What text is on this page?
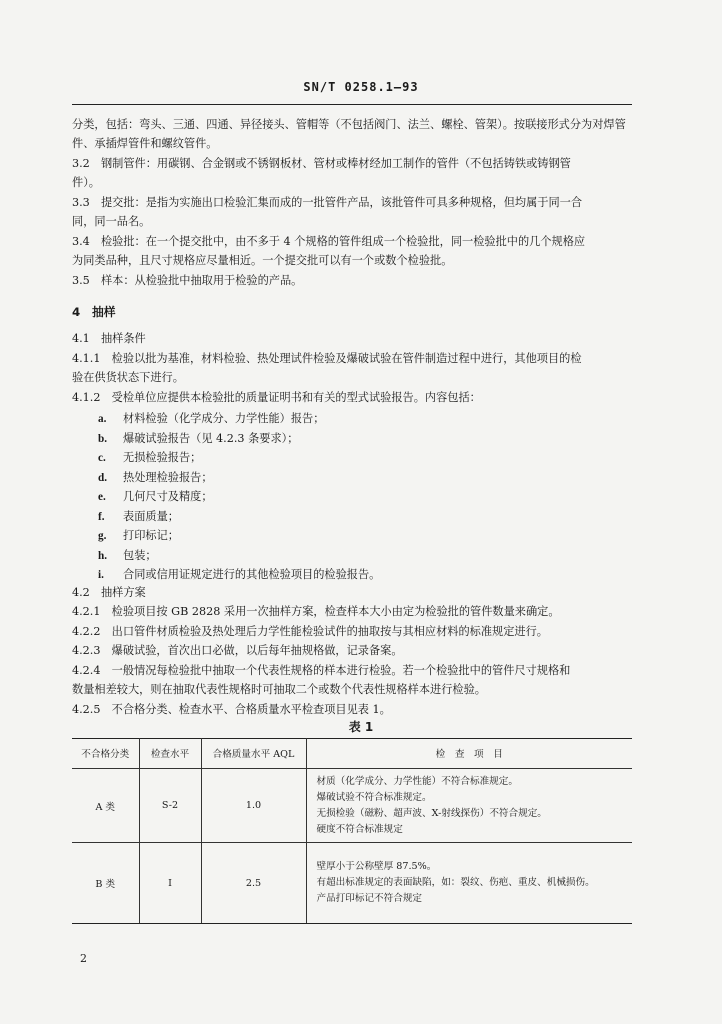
SN/T 0258.1—93
分类，包括：弯头、三通、四通、异径接头、管帽等（不包括阀门、法兰、螺栓、管架）。按联接形式分为对焊管
件、承插焊管件和螺纹管件。
3.2　钢制管件：用碳钢、合金钢或不锈钢板材、管材或棒材经加工制作的管件（不包括铸铁或铸钢管
件）。
3.3　提交批：是指为实施出口检验汇集而成的一批管件产品，该批管件可具多种规格，但均属于同一合
同，同一品名。
3.4　检验批：在一个提交批中，由不多于 4 个规格的管件组成一个检验批，同一检验批中的几个规格应
为同类品种，且尺寸规格应尽量相近。一个提交批可以有一个或数个检验批。
3.5　样本：从检验批中抽取用于检验的产品。
4　抽样
4.1　抽样条件
4.1.1　检验以批为基准，材料检验、热处理试件检验及爆破试验在管件制造过程中进行，其他项目的检
验在供货状态下进行。
4.1.2　受检单位应提供本检验批的质量证明书和有关的型式试验报告。内容包括：
a. 材料检验（化学成分、力学性能）报告；
b. 爆破试验报告（见 4.2.3 条要求）；
c. 无损检验报告；
d. 热处理检验报告；
e. 几何尺寸及精度；
f. 表面质量；
g. 打印标记；
h. 包装；
i. 合同或信用证规定进行的其他检验项目的检验报告。
4.2　抽样方案
4.2.1　检验项目按 GB 2828 采用一次抽样方案，检查样本大小由定为检验批的管件数量来确定。
4.2.2　出口管件材质检验及热处理后力学性能检验试件的抽取按与其相应材料的标准规定进行。
4.2.3　爆破试验，首次出口必做，以后每年抽规格做，记录备案。
4.2.4　一般情况每检验批中抽取一个代表性规格的样本进行检验。若一个检验批中的管件尺寸规格和
数量相差较大，则在抽取代表性规格时可抽取二个或数个代表性规格样本进行检验。
4.2.5　不合格分类、检查水平、合格质量水平检查项目见表 1。
表 1
不合格分类	检查水平	合格质量水平 AQL	检　查　项　目
A 类	S-2	1.0	材质（化学成分、力学性能）不符合标准规定。
爆破试验不符合标准规定。
无损检验（磁粉、超声波、X-射线探伤）不符合规定。
硬度不符合标准规定

B 类	I	2.5	壁厚小于公称壁厚 87.5%。
有超出标准规定的表面缺陷，如：裂纹、伤疤、重皮、机械损伤。
产品打印标记不符合规定
2
